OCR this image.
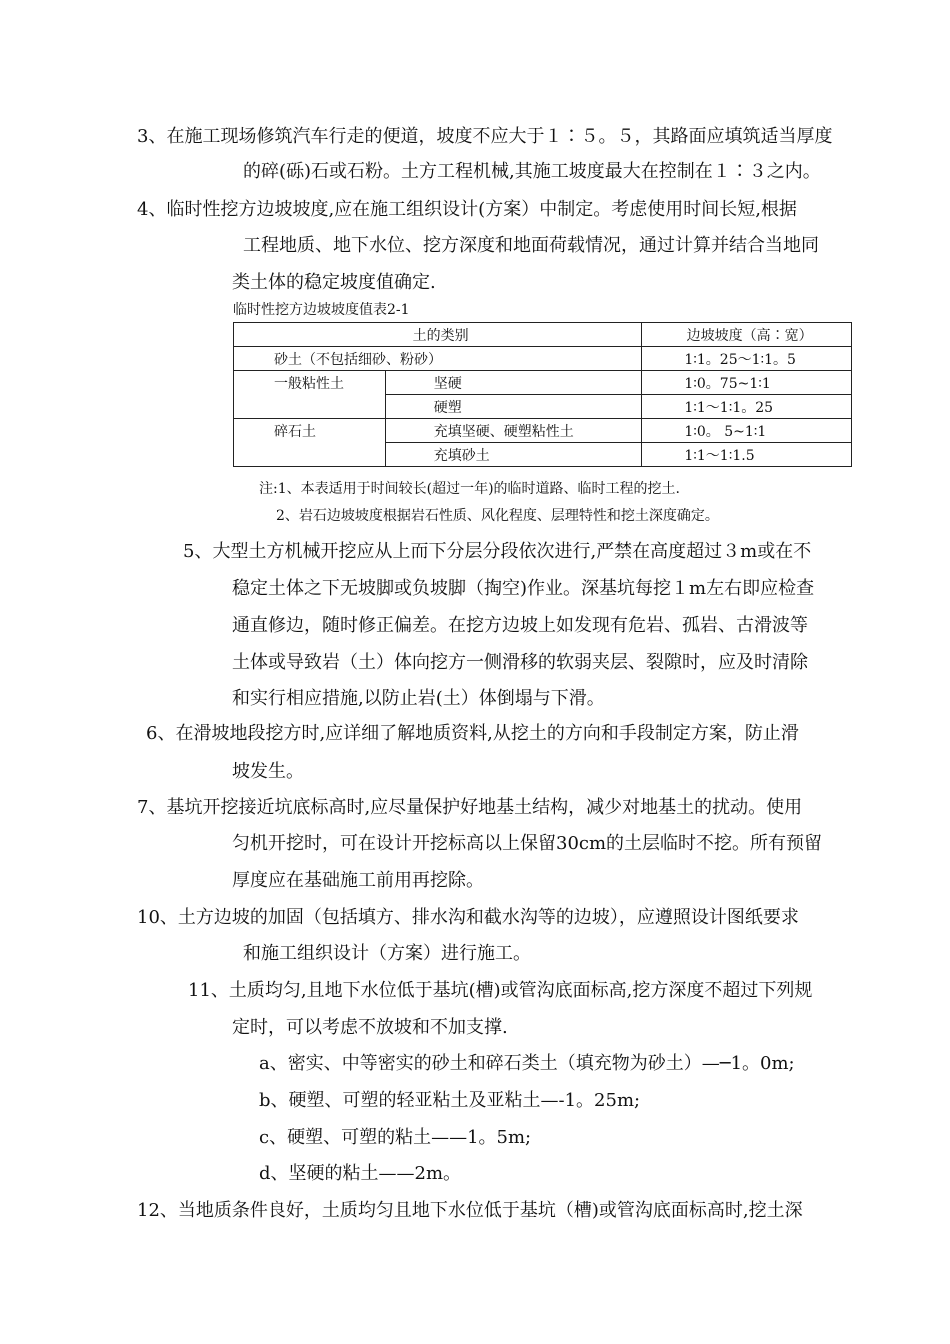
3、在施工现场修筑汽车行走的便道，坡度不应大于１∶５。５，其路面应填筑适当厚度
的碎(砾)石或石粉。土方工程机械,其施工坡度最大在控制在１∶３之内。
4、临时性挖方边坡坡度,应在施工组织设计(方案）中制定。考虑使用时间长短,根据
工程地质、地下水位、挖方深度和地面荷载情况，通过计算并结合当地同
类土体的稳定坡度值确定.
临时性挖方边坡坡度值表2-1
土的类别		边坡坡度（高∶宽）
砂土（不包括细砂、粉砂）		1∶1。25～1∶1。5
一般粘性土	坚硬	1∶0。75~1∶1
	硬塑	1∶1～1∶1。25
碎石土	充填坚硬、硬塑粘性土	1∶0。 5~1∶1
	充填砂土	1∶1～1∶1.5
注:1、本表适用于时间较长(超过一年)的临时道路、临时工程的挖土.
2、岩石边坡坡度根据岩石性质、风化程度、层理特性和挖土深度确定。
5、大型土方机械开挖应从上而下分层分段依次进行,严禁在高度超过３m或在不
稳定土体之下无坡脚或负坡脚（掏空)作业。深基坑每挖１m左右即应检查
通直修边，随时修正偏差。在挖方边坡上如发现有危岩、孤岩、古滑波等
土体或导致岩（土）体向挖方一侧滑移的软弱夹层、裂隙时，应及时清除
和实行相应措施,以防止岩(土）体倒塌与下滑。
6、在滑坡地段挖方时,应详细了解地质资料,从挖土的方向和手段制定方案，防止滑
坡发生。
7、基坑开挖接近坑底标高时,应尽量保护好地基土结构，减少对地基土的扰动。使用
匀机开挖时，可在设计开挖标高以上保留30cm的土层临时不挖。所有预留
厚度应在基础施工前用再挖除。
10、土方边坡的加固（包括填方、排水沟和截水沟等的边坡），应遵照设计图纸要求
和施工组织设计（方案）进行施工。
11、土质均匀,且地下水位低于基坑(槽)或管沟底面标高,挖方深度不超过下列规
定时，可以考虑不放坡和不加支撑.
a、密实、中等密实的砂土和碎石类土（填充物为砂土）—─1。0m;
b、硬塑、可塑的轻亚粘土及亚粘土—-1。25m;
c、硬塑、可塑的粘土——1。5m;
d、坚硬的粘土——2m。
12、当地质条件良好，土质均匀且地下水位低于基坑（槽)或管沟底面标高时,挖土深
